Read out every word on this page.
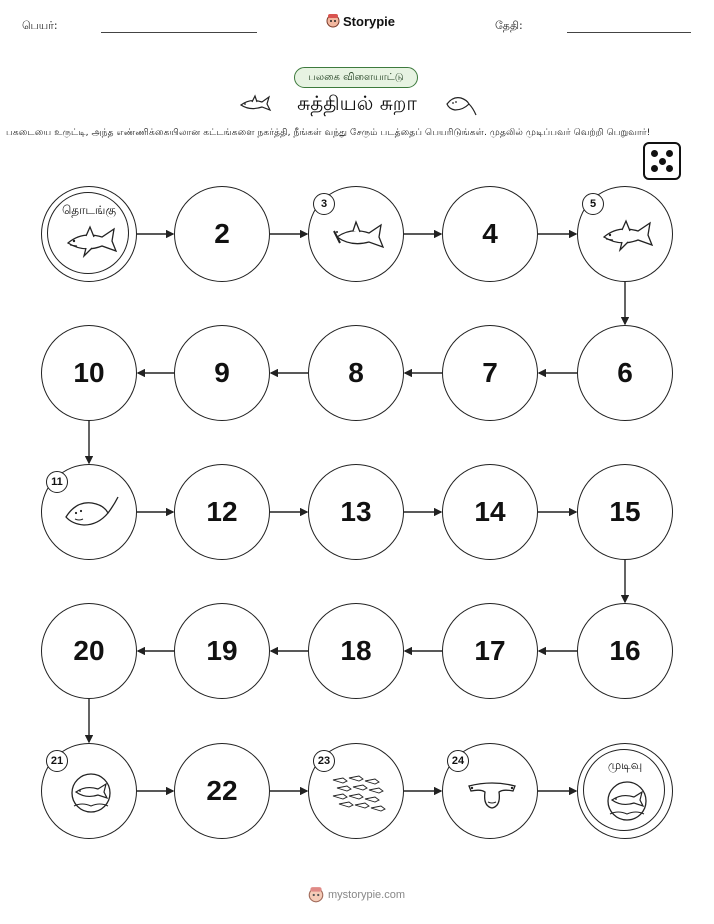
பெயர்:	Storypie	தேதி:
பலகை விளையாட்டு
சுத்தியல் சுறா
பகடையை உருட்டி, அந்த எண்ணிக்கையிலான கட்டங்களை நகர்த்தி, நீங்கள் வந்து சேரும் படத்தைப் பெயரிடுங்கள். முதலில் முடிப்பவர் வெற்றி பெறுவார்!
தொடங்கு
2
3
4
5
6
7
8
9
10
11
12	13	14	15
16
17
18
19
20
21
22
23	24	முடிவு
mystorypie.com
